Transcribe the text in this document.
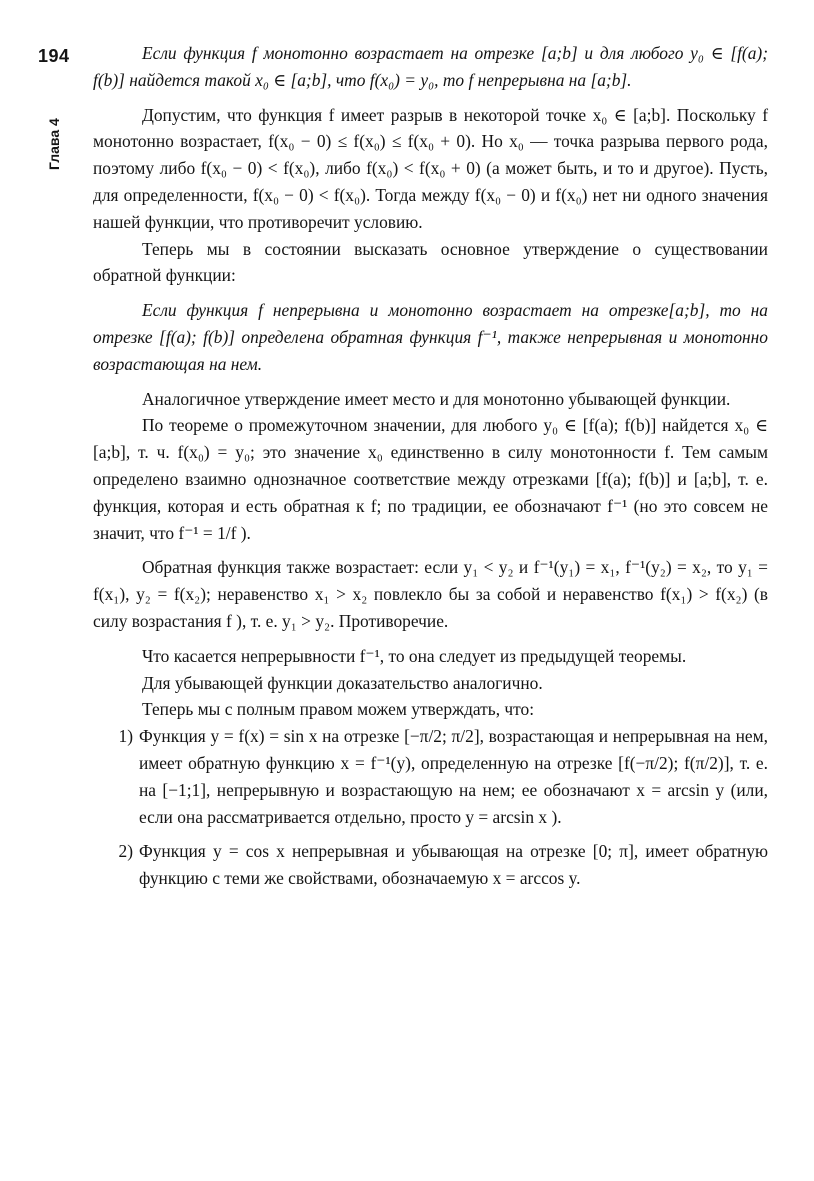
194
Глава 4

Если функция f монотонно возрастает на отрезке [a;b] и для любого y₀ ∈ [f(a); f(b)] найдется такой x₀ ∈ [a;b], что f(x₀) = y₀, то f непрерывна на [a;b].

Допустим, что функция f имеет разрыв в некоторой точке x₀ ∈ [a;b]. Поскольку f монотонно возрастает, f(x₀ − 0) ≤ f(x₀) ≤ f(x₀ + 0). Но x₀ — точка разрыва первого рода, поэтому либо f(x₀ − 0) < f(x₀), либо f(x₀) < f(x₀ + 0) (а может быть, и то и другое). Пусть, для определенности, f(x₀ − 0) < f(x₀). Тогда между f(x₀ − 0) и f(x₀) нет ни одного значения нашей функции, что противоречит условию.

Теперь мы в состоянии высказать основное утверждение о существовании обратной функции:

Если функция f непрерывна и монотонно возрастает на отрезке[a;b], то на отрезке [f(a); f(b)] определена обратная функция f⁻¹, также непрерывная и монотонно возрастающая на нем.

Аналогичное утверждение имеет место и для монотонно убывающей функции.

По теореме о промежуточном значении, для любого y₀ ∈ [f(a); f(b)] найдется x₀ ∈ [a;b], т. ч. f(x₀) = y₀; это значение x₀ единственно в силу монотонности f. Тем самым определено взаимно однозначное соответствие между отрезками [f(a); f(b)] и [a;b], т. е. функция, которая и есть обратная к f; по традиции, ее обозначают f⁻¹ (но это совсем не значит, что f⁻¹ = 1/f ).

Обратная функция также возрастает: если y₁ < y₂ и f⁻¹(y₁) = x₁, f⁻¹(y₂) = x₂, то y₁ = f(x₁), y₂ = f(x₂); неравенство x₁ > x₂ повлекло бы за собой и неравенство f(x₁) > f(x₂) (в силу возрастания f ), т. е. y₁ > y₂. Противоречие.

Что касается непрерывности f⁻¹, то она следует из предыдущей теоремы.

Для убывающей функции доказательство аналогично.

Теперь мы с полным правом можем утверждать, что:

1) Функция y = f(x) = sin x на отрезке [−π/2; π/2], возрастающая и непрерывная на нем, имеет обратную функцию x = f⁻¹(y), определенную на отрезке [f(−π/2); f(π/2)], т. е. на [−1;1], непрерывную и возрастающую на нем; ее обозначают x = arcsin y (или, если она рассматривается отдельно, просто y = arcsin x ).
2) Функция y = cos x непрерывная и убывающая на отрезке [0; π], имеет обратную функцию с теми же свойствами, обозначаемую x = arccos y.
